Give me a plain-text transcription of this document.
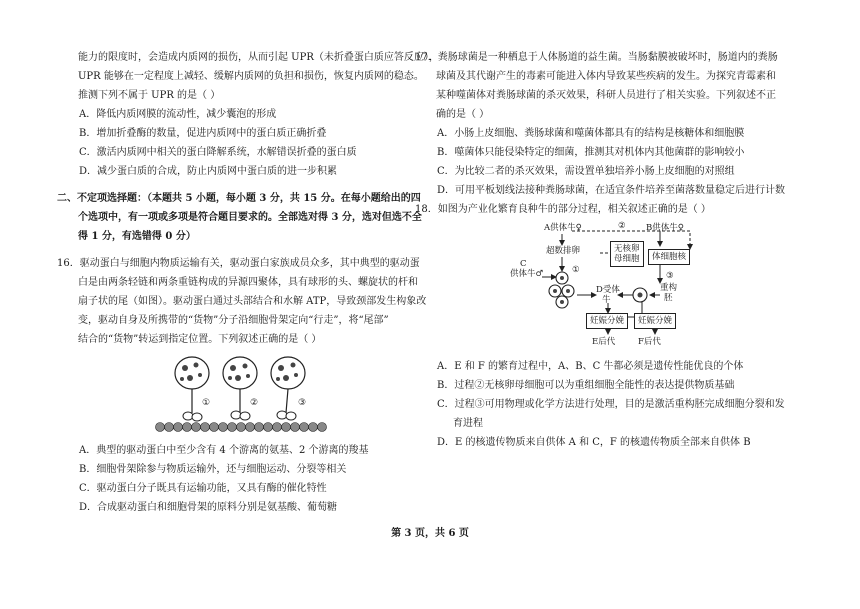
能力的限度时，会造成内质网的损伤，从而引起 UPR（未折叠蛋白质应答反应），
UPR 能够在一定程度上减轻、缓解内质网的负担和损伤，恢复内质网的稳态。
推测下列不属于 UPR 的是（ ）
A．降低内质网膜的流动性，减少囊泡的形成
B．增加折叠酶的数量，促进内质网中的蛋白质正确折叠
C．激活内质网中相关的蛋白降解系统，水解错误折叠的蛋白质
D．减少蛋白质的合成，防止内质网中蛋白质的进一步积累
二、不定项选择题：（本题共 5 小题，每小题 3 分，共 15 分。在每小题给出的四
个选项中，有一项或多项是符合题目要求的。全部选对得 3 分，选对但选不全
得 1 分，有选错得 0 分）
16．驱动蛋白与细胞内物质运输有关，驱动蛋白家族成员众多，其中典型的驱动蛋
白是由两条轻链和两条重链构成的异源四聚体，具有球形的头、螺旋状的杆和
扇子状的尾（如图）。驱动蛋白通过头部结合和水解 ATP，导致颈部发生构象改
变，驱动自身及所携带的“货物”分子沿细胞骨架定向“行走”，将“尾部”
结合的“货物”转运到指定位置。下列叙述正确的是（ ）
①	②	③
A．典型的驱动蛋白中至少含有 4 个游离的氨基、2 个游离的羧基
B．细胞骨架除参与物质运输外，还与细胞运动、分裂等相关
C．驱动蛋白分子既具有运输功能，又具有酶的催化特性
D．合成驱动蛋白和细胞骨架的原料分别是氨基酸、葡萄糖
17．粪肠球菌是一种栖息于人体肠道的益生菌。当肠黏膜被破坏时，肠道内的粪肠
球菌及其代谢产生的毒素可能进入体内导致某些疾病的发生。为探究青霉素和
某种噬菌体对粪肠球菌的杀灭效果，科研人员进行了相关实验。下列叙述不正
确的是（ ）
A．小肠上皮细胞、粪肠球菌和噬菌体都具有的结构是核糖体和细胞膜
B．噬菌体只能侵染特定的细菌，推测其对机体内其他菌群的影响较小
C．为比较二者的杀灭效果，需设置单独培养小肠上皮细胞的对照组
D．可用平板划线法接种粪肠球菌，在适宜条件培养至菌落数量稳定后进行计数
18．如图为产业化繁育良种牛的部分过程，相关叙述正确的是（ ）
A供体牛♀	B供体牛♀
超数排卵
②
C
供体牛♂	①
无核卵
母细胞	体细胞核
③
D受体
牛
重构
胚
妊娠分娩	妊娠分娩
E后代	F后代
A．E 和 F 的繁育过程中，A、B、C 牛都必须是遗传性能优良的个体
B．过程②无核卵母细胞可以为重组细胞全能性的表达提供物质基础
C．过程③可用物理或化学方法进行处理，目的是激活重构胚完成细胞分裂和发
育进程
D．E 的核遗传物质来自供体 A 和 C，F 的核遗传物质全部来自供体 B
第 3 页，共 6 页
